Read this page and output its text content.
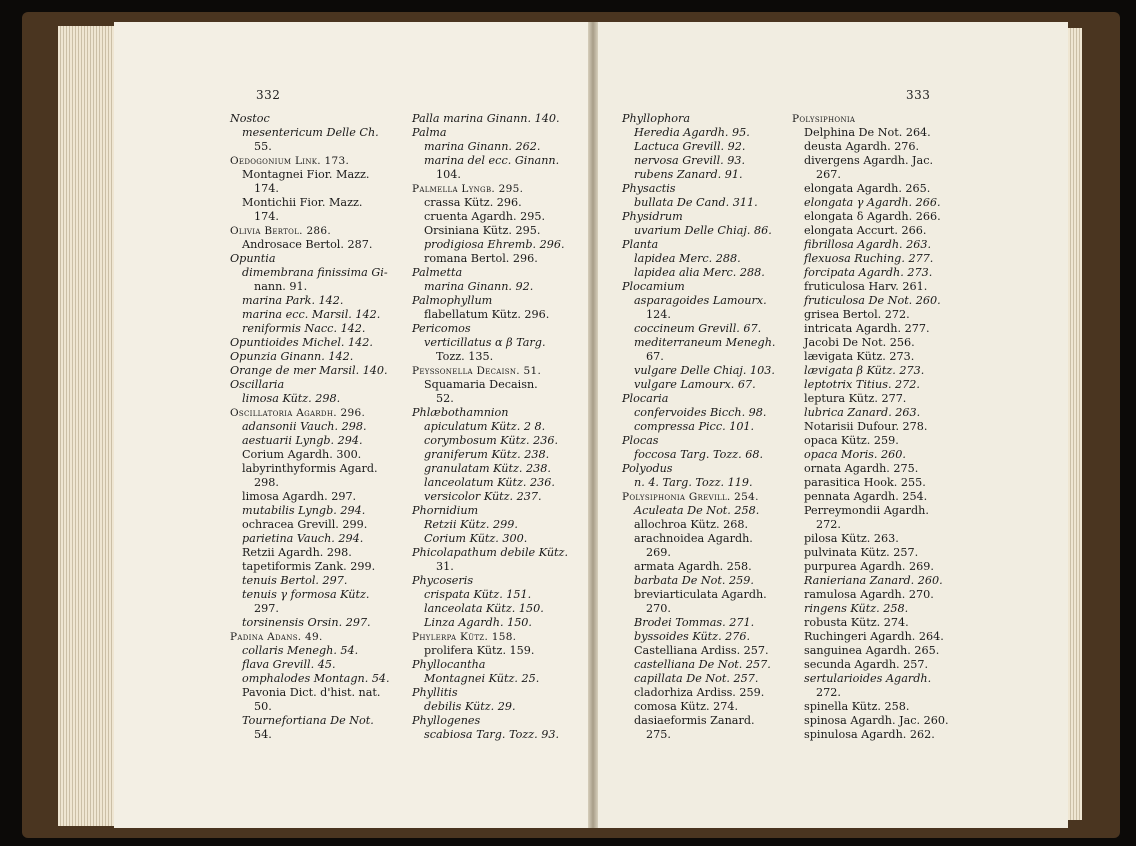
332	333
Nostoc
mesentericum Delle Ch.
55.
Oedogonium Link. 173.
Montagnei Fior. Mazz.
174.
Montichii Fior. Mazz.
174.
Olivia Bertol. 286.
Androsace Bertol. 287.
Opuntia
dimembrana finissima Gi-
nann. 91.
marina Park. 142.
marina ecc. Marsil. 142.
reniformis Nacc. 142.
Opuntioides Michel. 142.
Opunzia Ginann. 142.
Orange de mer Marsil. 140.
Oscillaria
limosa Kütz. 298.
Oscillatoria Agardh. 296.
adansonii Vauch. 298.
aestuarii Lyngb. 294.
Corium Agardh. 300.
labyrinthyformis Agard.
298.
limosa Agardh. 297.
mutabilis Lyngb. 294.
ochracea Grevill. 299.
parietina Vauch. 294.
Retzii Agardh. 298.
tapetiformis Zank. 299.
tenuis Bertol. 297.
tenuis γ formosa Kütz.
297.
torsinensis Orsin. 297.
Padina Adans. 49.
collaris Menegh. 54.
flava Grevill. 45.
omphalodes Montagn. 54.
Pavonia Dict. d'hist. nat.
50.
Tournefortiana De Not.
54.
Palla marina Ginann. 140.
Palma
marina Ginann. 262.
marina del ecc. Ginann.
104.
Palmella Lyngb. 295.
crassa Kütz. 296.
cruenta Agardh. 295.
Orsiniana Kütz. 295.
prodigiosa Ehremb. 296.
romana Bertol. 296.
Palmetta
marina Ginann. 92.
Palmophyllum
flabellatum Kütz. 296.
Pericomos
verticillatus α β Targ.
Tozz. 135.
Peyssonella Decaisn. 51.
Squamaria Decaisn.
52.
Phlæbothamnion
apiculatum Kütz. 2 8.
corymbosum Kütz. 236.
graniferum Kütz. 238.
granulatam Kütz. 238.
lanceolatum Kütz. 236.
versicolor Kütz. 237.
Phornidium
Retzii Kütz. 299.
Corium Kütz. 300.
Phicolapathum debile Kütz.
31.
Phycoseris
crispata Kütz. 151.
lanceolata Kütz. 150.
Linza Agardh. 150.
Phylerpa Kütz. 158.
prolifera Kütz. 159.
Phyllocantha
Montagnei Kütz. 25.
Phyllitis
debilis Kütz. 29.
Phyllogenes
scabiosa Targ. Tozz. 93.
Phyllophora
Heredia Agardh. 95.
Lactuca Grevill. 92.
nervosa Grevill. 93.
rubens Zanard. 91.
Physactis
bullata De Cand. 311.
Physidrum
uvarium Delle Chiaj. 86.
Planta
lapidea Merc. 288.
lapidea alia Merc. 288.
Plocamium
asparagoides Lamourx.
124.
coccineum Grevill. 67.
mediterraneum Menegh.
67.
vulgare Delle Chiaj. 103.
vulgare Lamourx. 67.
Plocaria
confervoides Bicch. 98.
compressa Picc. 101.
Plocas
foccosa Targ. Tozz. 68.
Polyodus
n. 4. Targ. Tozz. 119.
Polysiphonia Grevill. 254.
Aculeata De Not. 258.
allochroa Kütz. 268.
arachnoidea Agardh.
269.
armata Agardh. 258.
barbata De Not. 259.
breviarticulata Agardh.
270.
Brodei Tommas. 271.
byssoides Kütz. 276.
Castelliana Ardiss. 257.
castelliana De Not. 257.
capillata De Not. 257.
cladorhiza Ardiss. 259.
comosa Kütz. 274.
dasiaeformis Zanard.
275.
Polysiphonia
Delphina De Not. 264.
deusta Agardh. 276.
divergens Agardh. Jac.
267.
elongata Agardh. 265.
elongata γ Agardh. 266.
elongata δ Agardh. 266.
elongata Accurt. 266.
fibrillosa Agardh. 263.
flexuosa Ruching. 277.
forcipata Agardh. 273.
fruticulosa Harv. 261.
fruticulosa De Not. 260.
grisea Bertol. 272.
intricata Agardh. 277.
Jacobi De Not. 256.
lævigata Kütz. 273.
lævigata β Kütz. 273.
leptotrix Titius. 272.
leptura Kütz. 277.
lubrica Zanard. 263.
Notarisii Dufour. 278.
opaca Kütz. 259.
opaca Moris. 260.
ornata Agardh. 275.
parasitica Hook. 255.
pennata Agardh. 254.
Perreymondii Agardh.
272.
pilosa Kütz. 263.
pulvinata Kütz. 257.
purpurea Agardh. 269.
Ranieriana Zanard. 260.
ramulosa Agardh. 270.
ringens Kütz. 258.
robusta Kütz. 274.
Ruchingeri Agardh. 264.
sanguinea Agardh. 265.
secunda Agardh. 257.
sertularioides Agardh.
272.
spinella Kütz. 258.
spinosa Agardh. Jac. 260.
spinulosa Agardh. 262.
